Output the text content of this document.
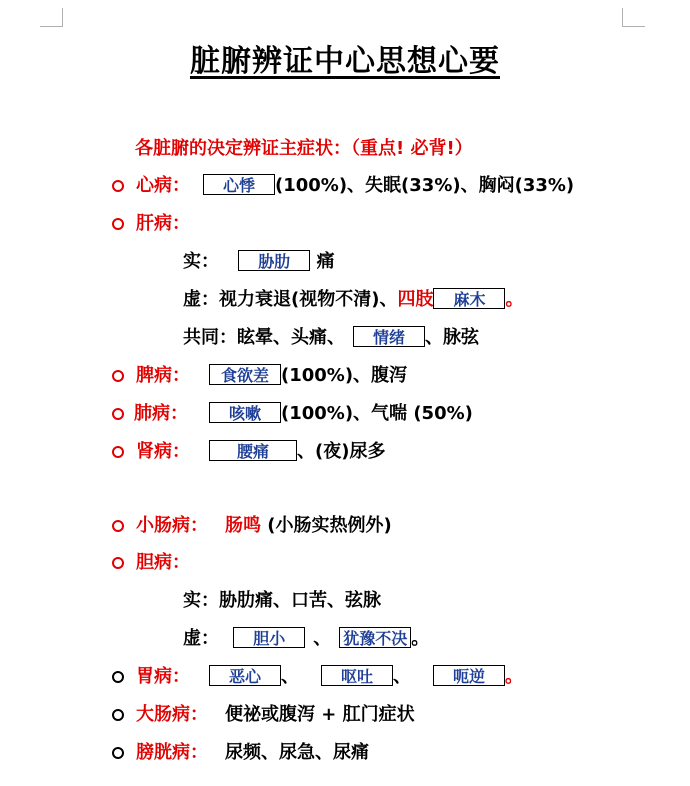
脏腑辨证中心思想心要
各脏腑的决定辨证主症状：（重点! 必背!）
心病：	心悸 (100%)、失眠(33%)、胸闷(33%)
肝病：
实： 胁肋 痛
虚：视力衰退(视物不清)、四肢 麻木 。
共同：眩晕、头痛、 情绪 、脉弦
脾病：	食欲差 (100%)、腹泻
肺病：	咳嗽 (100%)、气喘 (50%)
肾病：	腰痛 、(夜)尿多
小肠病： 肠鸣 (小肠实热例外)
胆病：
实：胁肋痛、口苦、弦脉
虚： 胆小 、 犹豫不决 。
胃病：	恶心 、	呕吐 、	呃逆 。
大肠病： 便祕或腹泻 + 肛门症状
膀胱病： 尿频、尿急、尿痛
